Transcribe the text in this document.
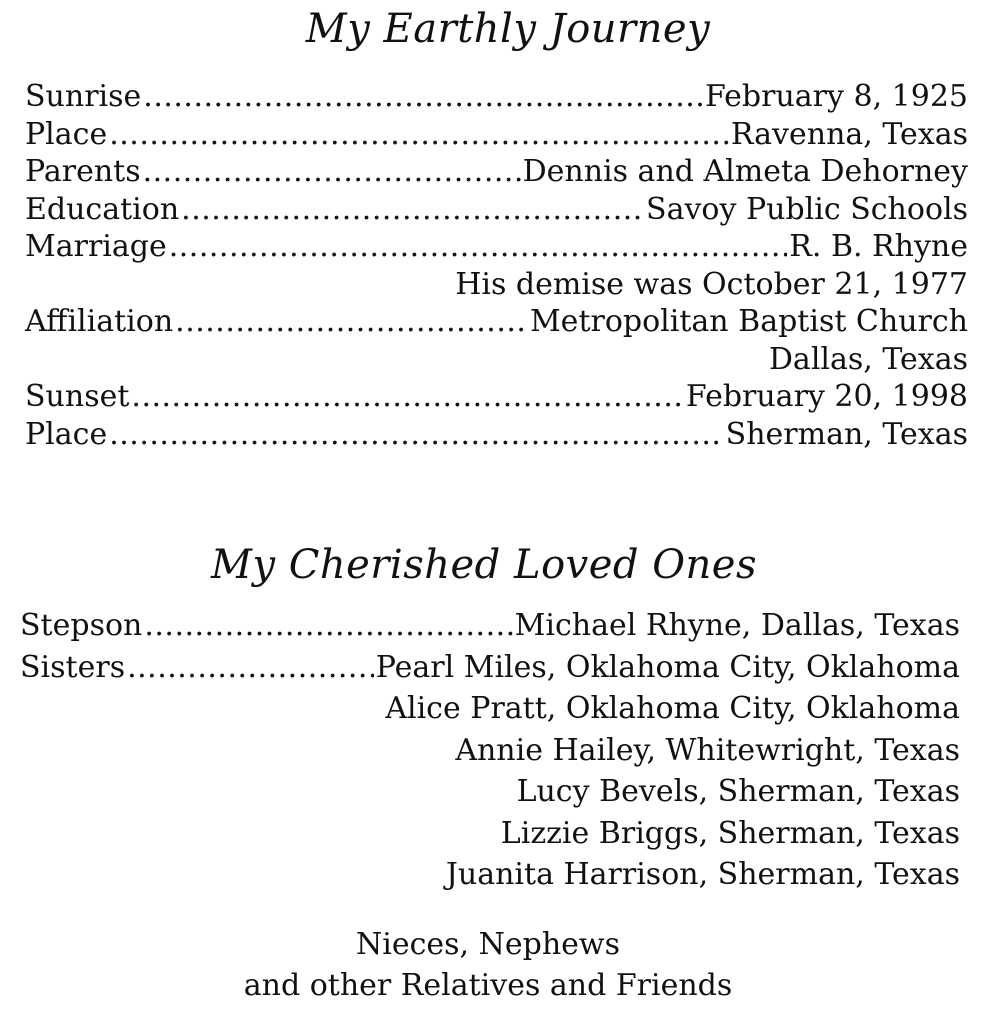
My Earthly Journey
Sunrise .....	February 8, 1925
Place .....	Ravenna, Texas
Parents .....	Dennis and Almeta Dehorney
Education .....	Savoy Public Schools
Marriage .....	R. B. Rhyne
His demise was October 21, 1977
Affiliation .....	Metropolitan Baptist Church
Dallas, Texas
Sunset .....	February 20, 1998
Place .....	Sherman, Texas
My Cherished Loved Ones
Stepson .....	Michael Rhyne, Dallas, Texas
Sisters .....	Pearl Miles, Oklahoma City, Oklahoma
Alice Pratt, Oklahoma City, Oklahoma
Annie Hailey, Whitewright, Texas
Lucy Bevels, Sherman, Texas
Lizzie Briggs, Sherman, Texas
Juanita Harrison, Sherman, Texas
Nieces, Nephews
and other Relatives and Friends
